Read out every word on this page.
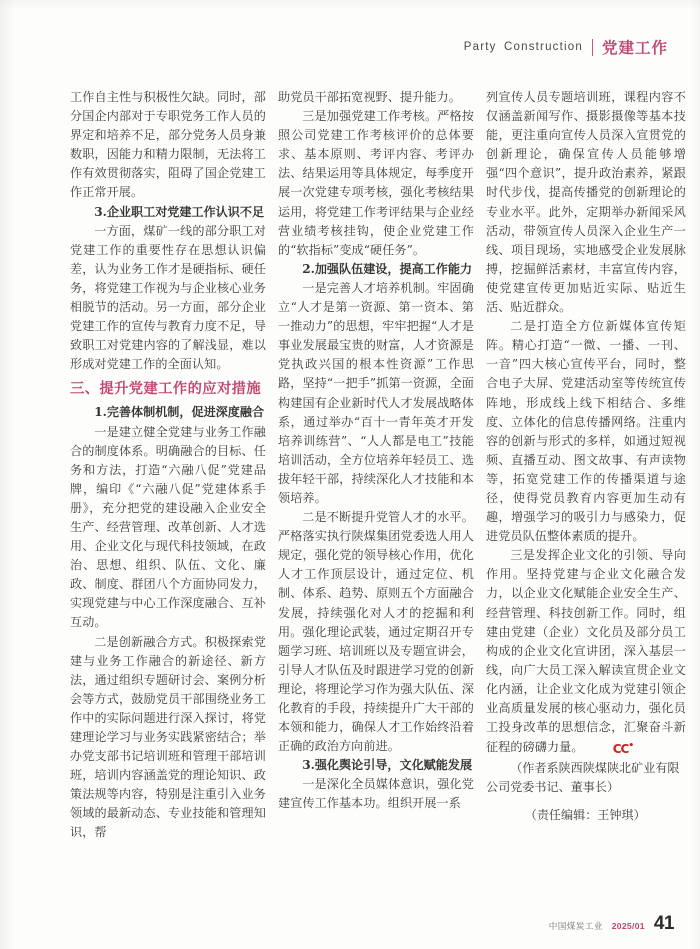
Party Construction 党建工作

工作自主性与积极性欠缺。同时，部分国企内部对于专职党务工作人员的界定和培养不足，部分党务人员身兼数职，因能力和精力限制，无法将工作有效贯彻落实，阻碍了国企党建工作正常开展。

3.企业职工对党建工作认识不足

一方面，煤矿一线的部分职工对党建工作的重要性存在思想认识偏差，认为业务工作才是硬指标、硬任务，将党建工作视为与企业核心业务相脱节的活动。另一方面，部分企业党建工作的宣传与教育力度不足，导致职工对党建内容的了解浅显，难以形成对党建工作的全面认知。

三、提升党建工作的应对措施

1.完善体制机制，促进深度融合

一是建立健全党建与业务工作融合的制度体系。明确融合的目标、任务和方法，打造“六融八促”党建品牌，编印《“六融八促”党建体系手册》，充分把党的建设融入企业安全生产、经营管理、改革创新、人才选用、企业文化与现代科技领域，在政治、思想、组织、队伍、文化、廉政、制度、群团八个方面协同发力，实现党建与中心工作深度融合、互补互动。

二是创新融合方式。积极探索党建与业务工作融合的新途径、新方法，通过组织专题研讨会、案例分析会等方式，鼓励党员干部围绕业务工作中的实际问题进行深入探讨，将党建理论学习与业务实践紧密结合；举办党支部书记培训班和管理干部培训班，培训内容涵盖党的理论知识、政策法规等内容，特别是注重引入业务领域的最新动态、专业技能和管理知识，帮

助党员干部拓宽视野、提升能力。

三是加强党建工作考核。严格按照公司党建工作考核评价的总体要求、基本原则、考评内容、考评办法、结果运用等具体规定，每季度开展一次党建专项考核，强化考核结果运用，将党建工作考评结果与企业经营业绩考核挂钩，使企业党建工作的“软指标”变成“硬任务”。

2.加强队伍建设，提高工作能力

一是完善人才培养机制。牢固确立“人才是第一资源、第一资本、第一推动力”的思想，牢牢把握“人才是事业发展最宝贵的财富，人才资源是党执政兴国的根本性资源”工作思路，坚持“一把手”抓第一资源，全面构建国有企业新时代人才发展战略体系，通过举办“百十一青年英才开发培养训练营”、“人人都是电工”技能培训活动，全方位培养年轻员工、选拔年轻干部，持续深化人才技能和本领培养。

二是不断提升党管人才的水平。严格落实执行陕煤集团党委选人用人规定，强化党的领导核心作用，优化人才工作顶层设计，通过定位、机制、体系、趋势、原则五个方面融合发展，持续强化对人才的挖掘和利用。强化理论武装，通过定期召开专题学习班、培训班以及专题宣讲会，引导人才队伍及时跟进学习党的创新理论，将理论学习作为强大队伍、深化教育的手段，持续提升广大干部的本领和能力，确保人才工作始终沿着正确的政治方向前进。

3.强化舆论引导，文化赋能发展

一是深化全员媒体意识，强化党建宣传工作基本功。组织开展一系

列宣传人员专题培训班，课程内容不仅涵盖新闻写作、摄影摄像等基本技能，更注重向宣传人员深入宣贯党的创新理论，确保宣传人员能够增强“四个意识”，提升政治素养，紧跟时代步伐，提高传播党的创新理论的专业水平。此外，定期举办新闻采风活动，带领宣传人员深入企业生产一线、项目现场，实地感受企业发展脉搏，挖掘鲜活素材，丰富宣传内容，使党建宣传更加贴近实际、贴近生活、贴近群众。

二是打造全方位新媒体宣传矩阵。精心打造“一微、一播、一刊、一音”四大核心宣传平台，同时，整合电子大屏、党建活动室等传统宣传阵地，形成线上线下相结合、多维度、立体化的信息传播网络。注重内容的创新与形式的多样，如通过短视频、直播互动、图文故事、有声读物等，拓宽党建工作的传播渠道与途径，使得党员教育内容更加生动有趣，增强学习的吸引力与感染力，促进党员队伍整体素质的提升。

三是发挥企业文化的引领、导向作用。坚持党建与企业文化融合发力，以企业文化赋能企业安全生产、经营管理、科技创新工作。同时，组建由党建（企业）文化员及部分员工构成的企业文化宣讲团，深入基层一线，向广大员工深入解读宣贯企业文化内涵，让企业文化成为党建引领企业高质量发展的核心驱动力，强化员工投身改革的思想信念，汇聚奋斗新征程的磅礴力量。 CC•

（作者系陕西陕煤陕北矿业有限

公司党委书记、董事长）

（责任编辑：王钟琪）

中国煤炭工业 2025/01 41
